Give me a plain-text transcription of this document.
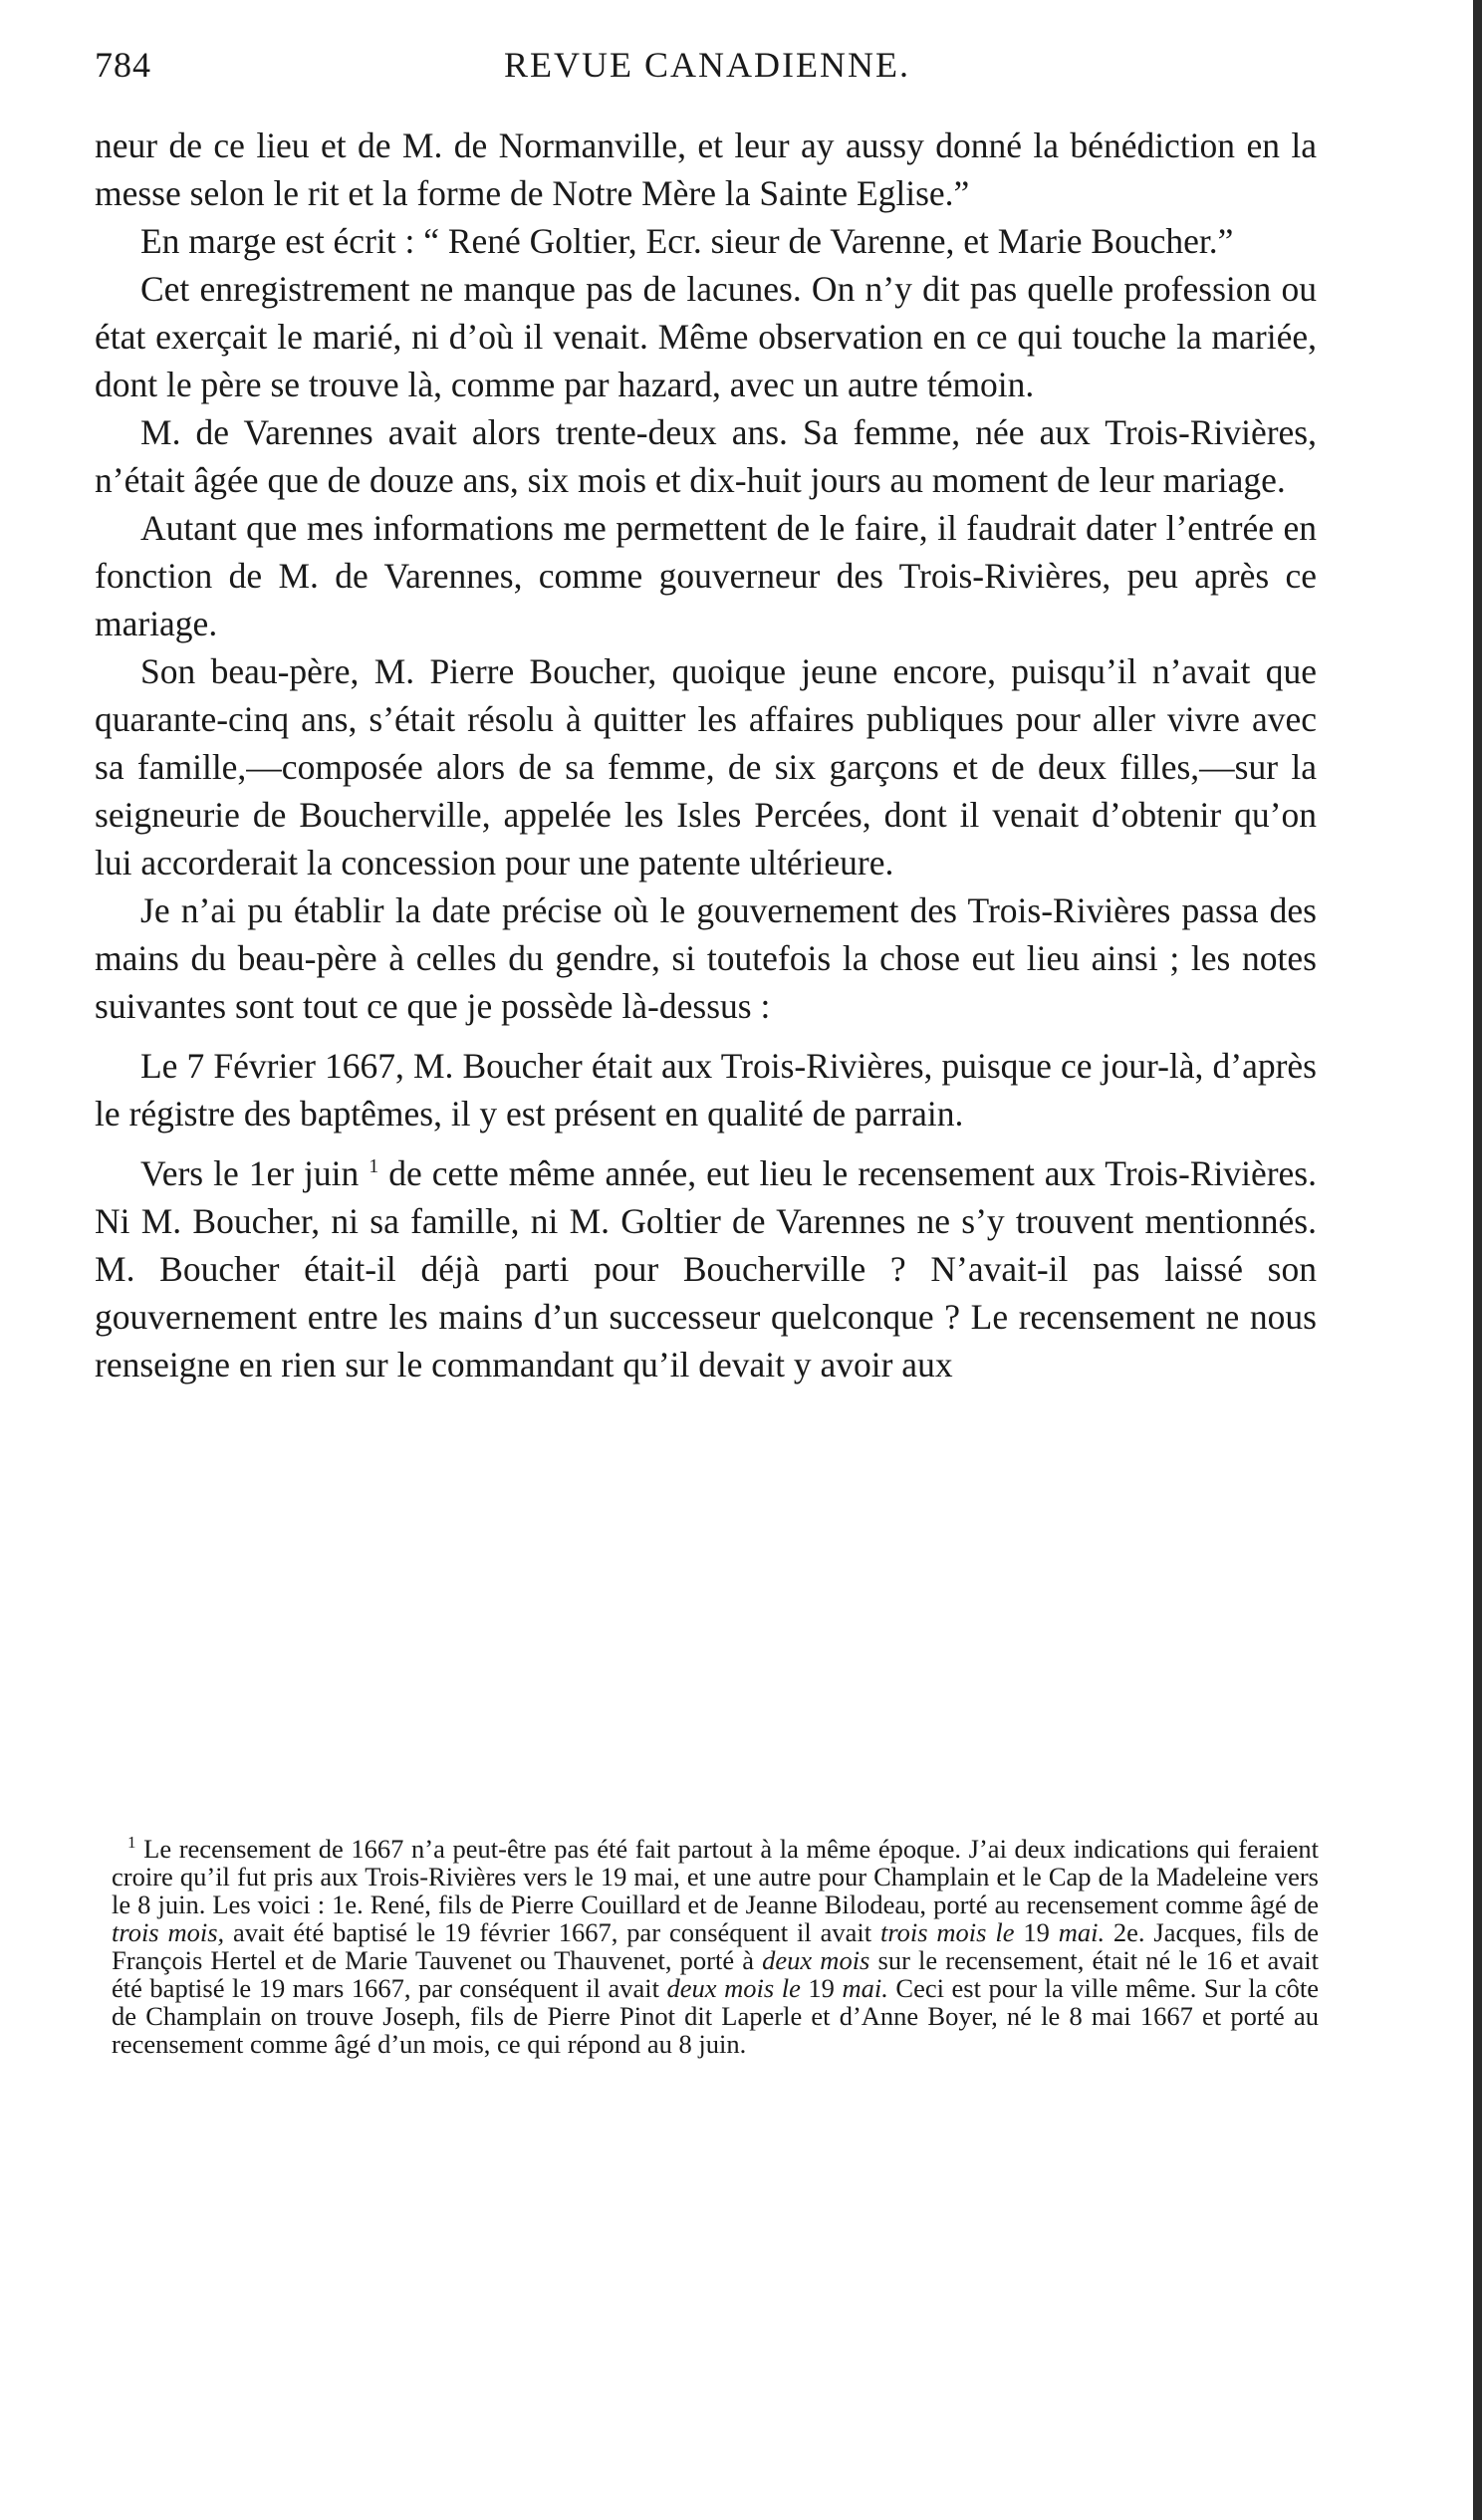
784	REVUE CANADIENNE.

neur de ce lieu et de M. de Normanville, et leur ay aussy donné la bénédiction en la messe selon le rit et la forme de Notre Mère la Sainte Eglise.”

En marge est écrit : “ René Goltier, Ecr. sieur de Varenne, et Marie Boucher.”

Cet enregistrement ne manque pas de lacunes. On n’y dit pas quelle profession ou état exerçait le marié, ni d’où il venait. Même observation en ce qui touche la mariée, dont le père se trouve là, comme par hazard, avec un autre témoin.

M. de Varennes avait alors trente-deux ans. Sa femme, née aux Trois-Rivières, n’était âgée que de douze ans, six mois et dix-huit jours au moment de leur mariage.

Autant que mes informations me permettent de le faire, il faudrait dater l’entrée en fonction de M. de Varennes, comme gouverneur des Trois-Rivières, peu après ce mariage.

Son beau-père, M. Pierre Boucher, quoique jeune encore, puisqu’il n’avait que quarante-cinq ans, s’était résolu à quitter les affaires publiques pour aller vivre avec sa famille,—composée alors de sa femme, de six garçons et de deux filles,—sur la seigneurie de Boucherville, appelée les Isles Percées, dont il venait d’obtenir qu’on lui accorderait la concession pour une patente ultérieure.

Je n’ai pu établir la date précise où le gouvernement des Trois-Rivières passa des mains du beau-père à celles du gendre, si toutefois la chose eut lieu ainsi ; les notes suivantes sont tout ce que je possède là-dessus :

Le 7 Février 1667, M. Boucher était aux Trois-Rivières, puisque ce jour-là, d’après le régistre des baptêmes, il y est présent en qualité de parrain.

Vers le 1er juin $^1$ de cette même année, eut lieu le recensement aux Trois-Rivières. Ni M. Boucher, ni sa famille, ni M. Goltier de Varennes ne s’y trouvent mentionnés. M. Boucher était-il déjà parti pour Boucherville ? N’avait-il pas laissé son gouvernement entre les mains d’un successeur quelconque ? Le recensement ne nous renseigne en rien sur le commandant qu’il devait y avoir aux

$^1$ Le recensement de 1667 n’a peut-être pas été fait partout à la même époque. J’ai deux indications qui feraient croire qu’il fut pris aux Trois-Rivières vers le 19 mai, et une autre pour Champlain et le Cap de la Madeleine vers le 8 juin. Les voici : 1e. René, fils de Pierre Couillard et de Jeanne Bilodeau, porté au recensement comme âgé de trois mois, avait été baptisé le 19 février 1667, par conséquent il avait trois mois le 19 mai. 2e. Jacques, fils de François Hertel et de Marie Tauvenet ou Thauvenet, porté à deux mois sur le recensement, était né le 16 et avait été baptisé le 19 mars 1667, par conséquent il avait deux mois le 19 mai. Ceci est pour la ville même. Sur la côte de Champlain on trouve Joseph, fils de Pierre Pinot dit Laperle et d’Anne Boyer, né le 8 mai 1667 et porté au recensement comme âgé d’un mois, ce qui répond au 8 juin.
